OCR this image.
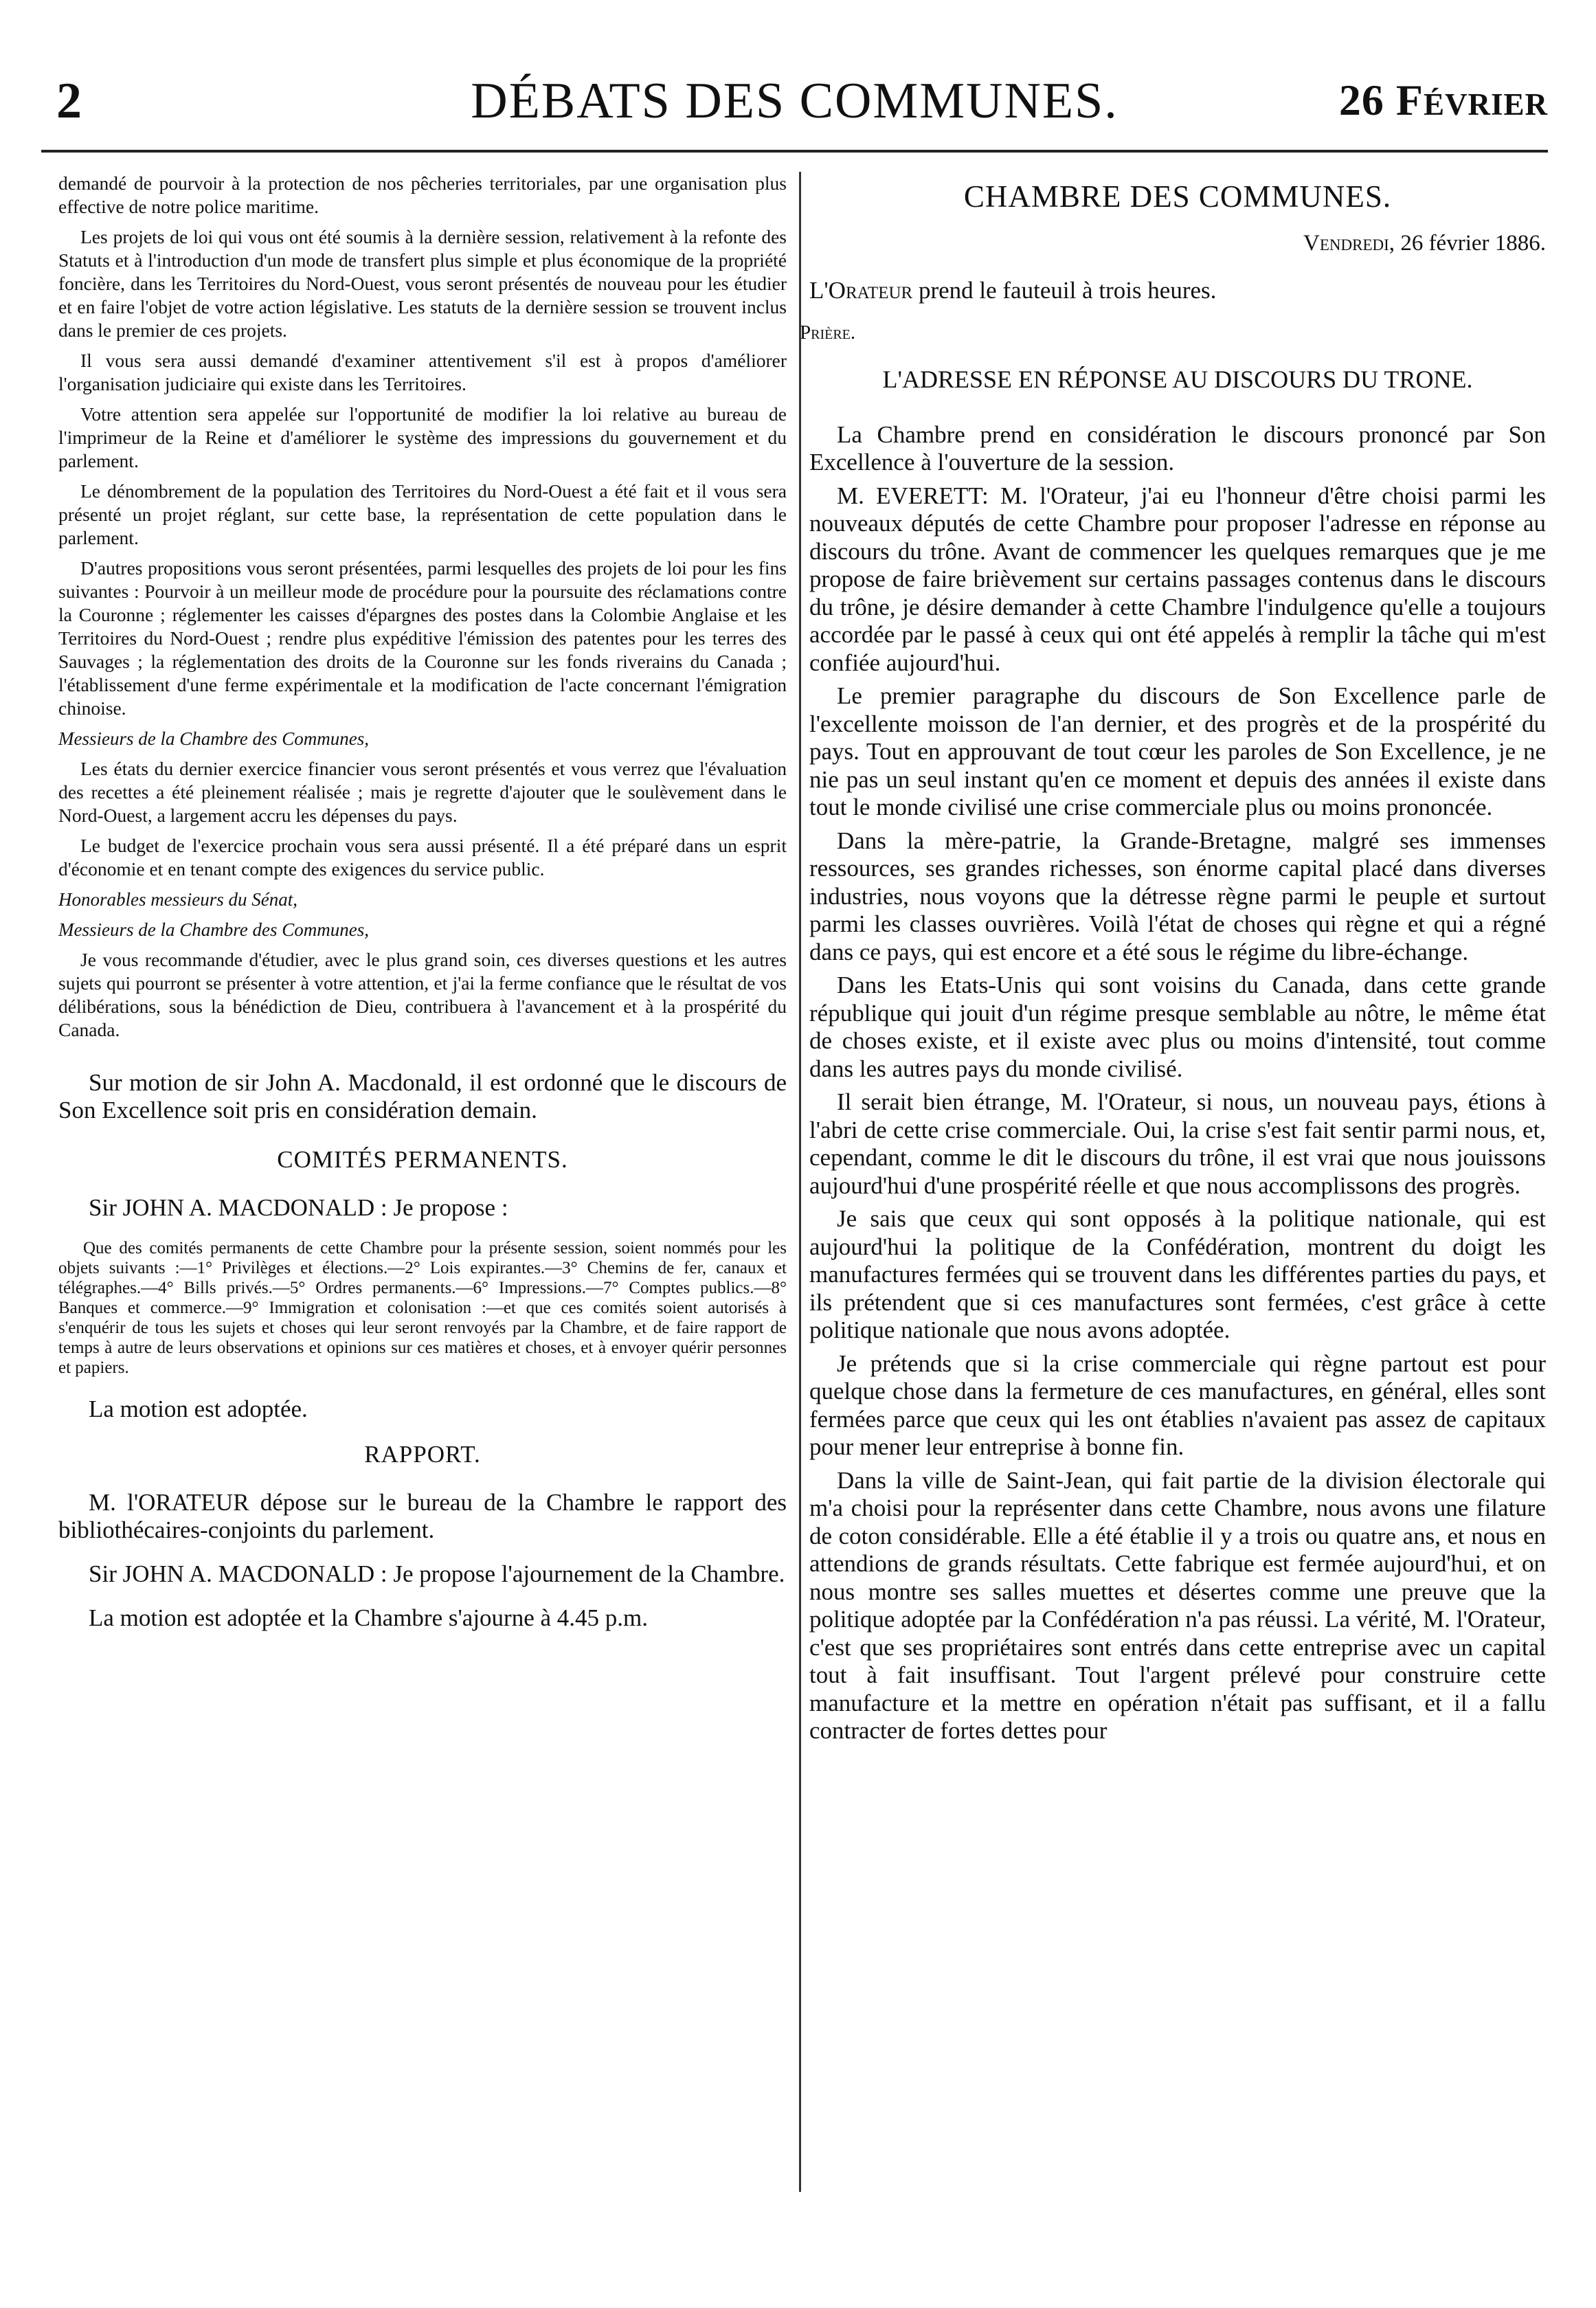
2	DÉBATS DES COMMUNES.	26 Février

demandé de pourvoir à la protection de nos pêcheries territoriales, par une organisation plus effective de notre police maritime.

Les projets de loi qui vous ont été soumis à la dernière session, relativement à la refonte des Statuts et à l'introduction d'un mode de transfert plus simple et plus économique de la propriété foncière, dans les Territoires du Nord-Ouest, vous seront présentés de nouveau pour les étudier et en faire l'objet de votre action législative. Les statuts de la dernière session se trouvent inclus dans le premier de ces projets.

Il vous sera aussi demandé d'examiner attentivement s'il est à propos d'améliorer l'organisation judiciaire qui existe dans les Territoires.

Votre attention sera appelée sur l'opportunité de modifier la loi relative au bureau de l'imprimeur de la Reine et d'améliorer le système des impressions du gouvernement et du parlement.

Le dénombrement de la population des Territoires du Nord-Ouest a été fait et il vous sera présenté un projet réglant, sur cette base, la représentation de cette population dans le parlement.

D'autres propositions vous seront présentées, parmi lesquelles des projets de loi pour les fins suivantes : Pourvoir à un meilleur mode de procédure pour la poursuite des réclamations contre la Couronne ; réglementer les caisses d'épargnes des postes dans la Colombie Anglaise et les Territoires du Nord-Ouest ; rendre plus expéditive l'émission des patentes pour les terres des Sauvages ; la réglementation des droits de la Couronne sur les fonds riverains du Canada ; l'établissement d'une ferme expérimentale et la modification de l'acte concernant l'émigration chinoise.

Messieurs de la Chambre des Communes,

Les états du dernier exercice financier vous seront présentés et vous verrez que l'évaluation des recettes a été pleinement réalisée ; mais je regrette d'ajouter que le soulèvement dans le Nord-Ouest, a largement accru les dépenses du pays.

Le budget de l'exercice prochain vous sera aussi présenté. Il a été préparé dans un esprit d'économie et en tenant compte des exigences du service public.

Honorables messieurs du Sénat,

Messieurs de la Chambre des Communes,

Je vous recommande d'étudier, avec le plus grand soin, ces diverses questions et les autres sujets qui pourront se présenter à votre attention, et j'ai la ferme confiance que le résultat de vos délibérations, sous la bénédiction de Dieu, contribuera à l'avancement et à la prospérité du Canada.

Sur motion de sir John A. Macdonald, il est ordonné que le discours de Son Excellence soit pris en considération demain.

COMITÉS PERMANENTS.

Sir JOHN A. MACDONALD : Je propose :

Que des comités permanents de cette Chambre pour la présente session, soient nommés pour les objets suivants :—1° Privilèges et élections.—2° Lois expirantes.—3° Chemins de fer, canaux et télégraphes.—4° Bills privés.—5° Ordres permanents.—6° Impressions.—7° Comptes publics.—8° Banques et commerce.—9° Immigration et colonisation :—et que ces comités soient autorisés à s'enquérir de tous les sujets et choses qui leur seront renvoyés par la Chambre, et de faire rapport de temps à autre de leurs observations et opinions sur ces matières et choses, et à envoyer quérir personnes et papiers.

La motion est adoptée.

RAPPORT.

M. l'ORATEUR dépose sur le bureau de la Chambre le rapport des bibliothécaires-conjoints du parlement.

Sir JOHN A. MACDONALD : Je propose l'ajournement de la Chambre.

La motion est adoptée et la Chambre s'ajourne à 4.45 p.m.

CHAMBRE DES COMMUNES.
Vendredi, 26 février 1886.
L'Orateur prend le fauteuil à trois heures.
Prière.
L'ADRESSE EN RÉPONSE AU DISCOURS DU TRONE.

La Chambre prend en considération le discours prononcé par Son Excellence à l'ouverture de la session.

M. EVERETT: M. l'Orateur, j'ai eu l'honneur d'être choisi parmi les nouveaux députés de cette Chambre pour proposer l'adresse en réponse au discours du trône. Avant de commencer les quelques remarques que je me propose de faire brièvement sur certains passages contenus dans le discours du trône, je désire demander à cette Chambre l'indulgence qu'elle a toujours accordée par le passé à ceux qui ont été appelés à remplir la tâche qui m'est confiée aujourd'hui.

Le premier paragraphe du discours de Son Excellence parle de l'excellente moisson de l'an dernier, et des progrès et de la prospérité du pays. Tout en approuvant de tout cœur les paroles de Son Excellence, je ne nie pas un seul instant qu'en ce moment et depuis des années il existe dans tout le monde civilisé une crise commerciale plus ou moins prononcée.

Dans la mère-patrie, la Grande-Bretagne, malgré ses immenses ressources, ses grandes richesses, son énorme capital placé dans diverses industries, nous voyons que la détresse règne parmi le peuple et surtout parmi les classes ouvrières. Voilà l'état de choses qui règne et qui a régné dans ce pays, qui est encore et a été sous le régime du libre-échange.

Dans les Etats-Unis qui sont voisins du Canada, dans cette grande république qui jouit d'un régime presque semblable au nôtre, le même état de choses existe, et il existe avec plus ou moins d'intensité, tout comme dans les autres pays du monde civilisé.

Il serait bien étrange, M. l'Orateur, si nous, un nouveau pays, étions à l'abri de cette crise commerciale. Oui, la crise s'est fait sentir parmi nous, et, cependant, comme le dit le discours du trône, il est vrai que nous jouissons aujourd'hui d'une prospérité réelle et que nous accomplissons des progrès.

Je sais que ceux qui sont opposés à la politique nationale, qui est aujourd'hui la politique de la Confédération, montrent du doigt les manufactures fermées qui se trouvent dans les différentes parties du pays, et ils prétendent que si ces manufactures sont fermées, c'est grâce à cette politique nationale que nous avons adoptée.

Je prétends que si la crise commerciale qui règne partout est pour quelque chose dans la fermeture de ces manufactures, en général, elles sont fermées parce que ceux qui les ont établies n'avaient pas assez de capitaux pour mener leur entreprise à bonne fin.

Dans la ville de Saint-Jean, qui fait partie de la division électorale qui m'a choisi pour la représenter dans cette Chambre, nous avons une filature de coton considérable. Elle a été établie il y a trois ou quatre ans, et nous en attendions de grands résultats. Cette fabrique est fermée aujourd'hui, et on nous montre ses salles muettes et désertes comme une preuve que la politique adoptée par la Confédération n'a pas réussi. La vérité, M. l'Orateur, c'est que ses propriétaires sont entrés dans cette entreprise avec un capital tout à fait insuffisant. Tout l'argent prélevé pour construire cette manufacture et la mettre en opération n'était pas suffisant, et il a fallu contracter de fortes dettes pour
